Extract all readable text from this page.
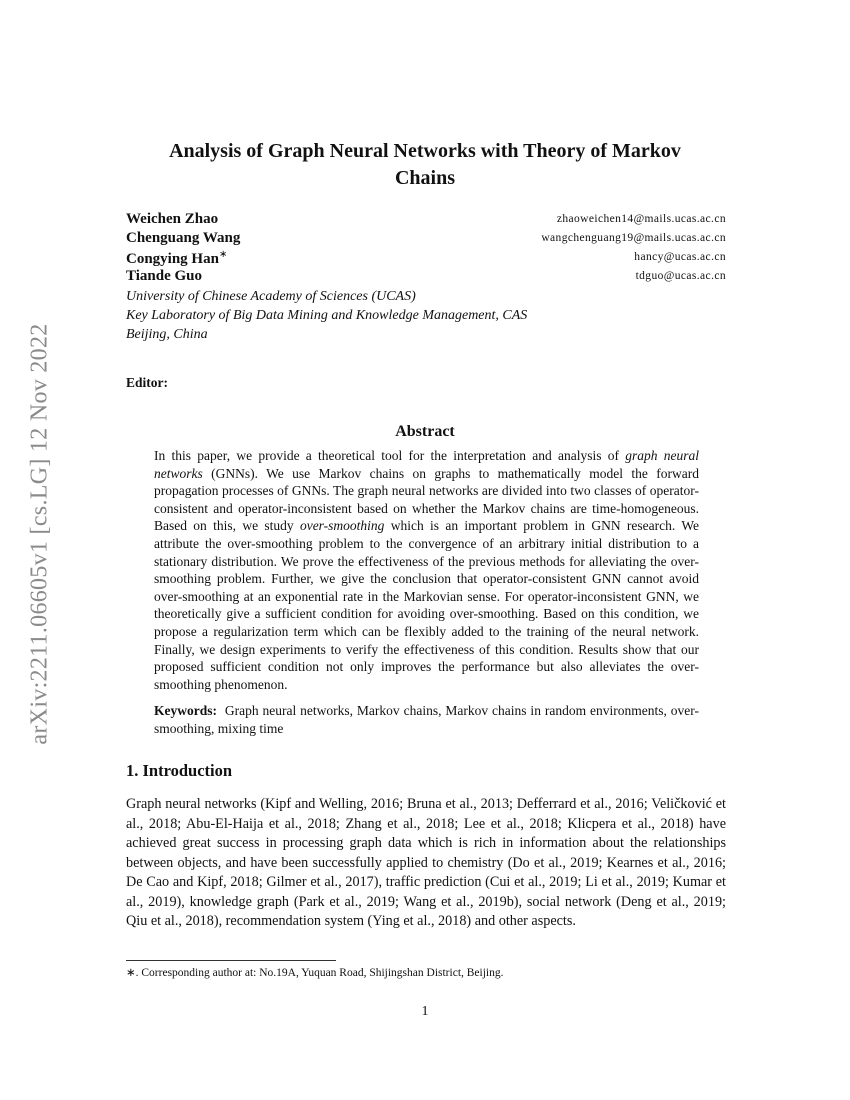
arXiv:2211.06605v1 [cs.LG] 12 Nov 2022
Analysis of Graph Neural Networks with Theory of Markov
Chains
Weichen Zhao	zhaoweichen14@mails.ucas.ac.cn
Chenguang Wang	wangchenguang19@mails.ucas.ac.cn
Congying Han∗	hancy@ucas.ac.cn
Tiande Guo	tdguo@ucas.ac.cn
University of Chinese Academy of Sciences (UCAS)
Key Laboratory of Big Data Mining and Knowledge Management, CAS
Beijing, China
Editor:
Abstract

In this paper, we provide a theoretical tool for the interpretation and analysis of graph neural networks (GNNs). We use Markov chains on graphs to mathematically model the forward propagation processes of GNNs. The graph neural networks are divided into two classes of operator-consistent and operator-inconsistent based on whether the Markov chains are time-homogeneous. Based on this, we study over-smoothing which is an important problem in GNN research. We attribute the over-smoothing problem to the convergence of an arbitrary initial distribution to a stationary distribution. We prove the effectiveness of the previous methods for alleviating the over-smoothing problem. Further, we give the conclusion that operator-consistent GNN cannot avoid over-smoothing at an exponential rate in the Markovian sense. For operator-inconsistent GNN, we theoretically give a sufficient condition for avoiding over-smoothing. Based on this condition, we propose a regularization term which can be flexibly added to the training of the neural network. Finally, we design experiments to verify the effectiveness of this condition. Results show that our proposed sufficient condition not only improves the performance but also alleviates the over-smoothing phenomenon.

Keywords: Graph neural networks, Markov chains, Markov chains in random environments, over-smoothing, mixing time
1. Introduction

Graph neural networks (Kipf and Welling, 2016; Bruna et al., 2013; Defferrard et al., 2016; Veličković et al., 2018; Abu-El-Haija et al., 2018; Zhang et al., 2018; Lee et al., 2018; Klicpera et al., 2018) have achieved great success in processing graph data which is rich in information about the relationships between objects, and have been successfully applied to chemistry (Do et al., 2019; Kearnes et al., 2016; De Cao and Kipf, 2018; Gilmer et al., 2017), traffic prediction (Cui et al., 2019; Li et al., 2019; Kumar et al., 2019), knowledge graph (Park et al., 2019; Wang et al., 2019b), social network (Deng et al., 2019; Qiu et al., 2018), recommendation system (Ying et al., 2018) and other aspects.

∗. Corresponding author at: No.19A, Yuquan Road, Shijingshan District, Beijing.
1
